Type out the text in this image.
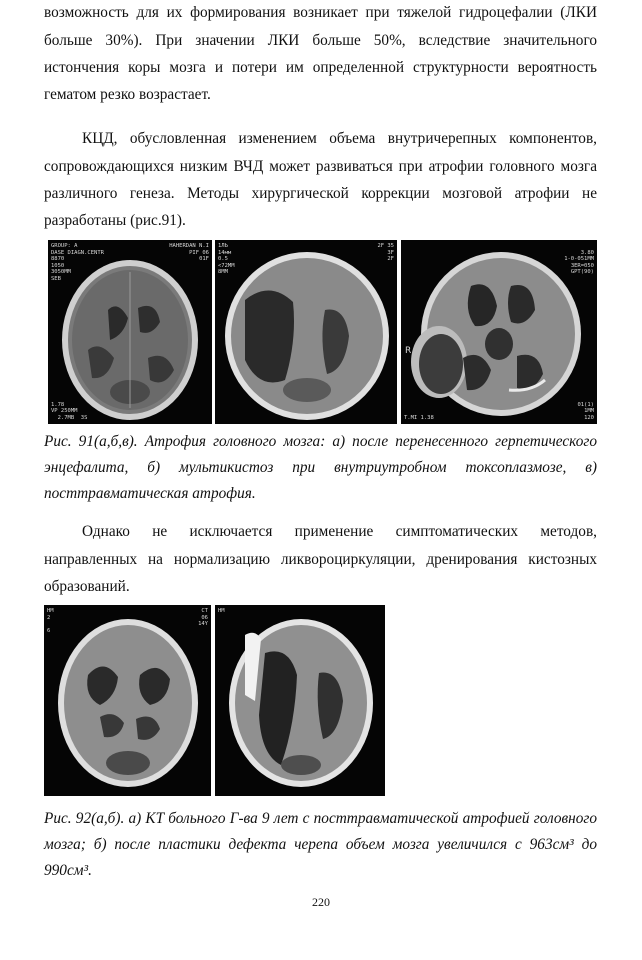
возможность для их формирования возникает при тяжелой гидроцефалии (ЛКИ больше 30%). При значении ЛКИ больше 50%, вследствие значительного истончения коры мозга и потери им определенной структурности вероятность гематом резко возрастает.

КЦД, обусловленная изменением объема внутричерепных компонентов, сопровождающихся низким ВЧД может развиваться при атрофии головного мозга различного генеза. Методы хирургической коррекции мозговой атрофии не разработаны (рис.91).

GROUP: A
DASE DIAGN.CENTR
8870
1050
3050MM
SEB
HAHERDAN N.I
PIF 06
01F
1.78
VP 250MM
2.7MB  3S
1ЛЬ
14мм
0.5
<72ММ
8MM
2F 35
3F
2F

3.80
1-0-051MM
3ER=050
GPT(90)
T.MI 1.38
R
01(1)
1MM
120

Рис. 91(а,б,в). Атрофия головного мозга: а) после перенесенного герпетического энцефалита, б) мультикистоз при внутриутробном токсоплазмозе, в) посттравматическая атрофия.

Однако не исключается применение симптоматических методов, направленных на нормализацию ликвороциркуляции, дренирования кистозных образований.

HM
2

6
CT
06
14Y
HM

Рис. 92(а,б). а) КТ больного Г-ва 9 лет с посттравматической атрофией головного мозга; б) после пластики дефекта черепа объем мозга увеличился с 963см³ до 990см³.

220
